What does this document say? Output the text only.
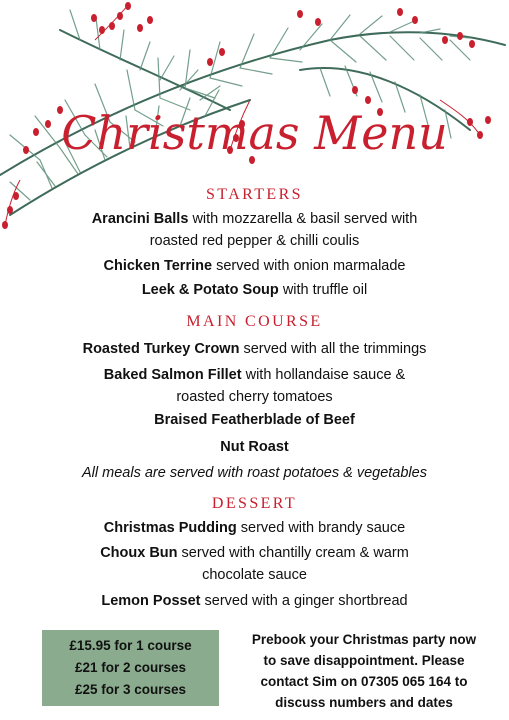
Christmas Menu
STARTERS
Arancini Balls with mozzarella & basil served with
roasted red pepper & chilli coulis
Chicken Terrine served with onion marmalade
Leek & Potato Soup with truffle oil
MAIN COURSE
Roasted Turkey Crown served with all the trimmings
Baked Salmon Fillet with hollandaise sauce &
roasted cherry tomatoes
Braised Featherblade of Beef
Nut Roast
All meals are served with roast potatoes & vegetables
DESSERT
Christmas Pudding served with brandy sauce
Choux Bun served with chantilly cream & warm
chocolate sauce
Lemon Posset served with a ginger shortbread
£15.95 for 1 course
£21 for 2 courses
£25 for 3 courses
Prebook your Christmas party now
to save disappointment. Please
contact Sim on 07305 065 164 to
discuss numbers and dates
